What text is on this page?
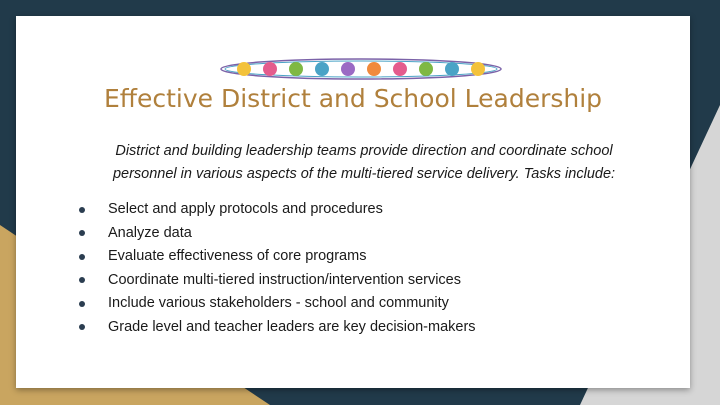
Effective District and School Leadership
District and building leadership teams provide direction and coordinate school
personnel in various aspects of the multi-tiered service delivery. Tasks include:
Select and apply protocols and procedures
Analyze data
Evaluate effectiveness of core programs
Coordinate multi-tiered instruction/intervention services
Include various stakeholders - school and community
Grade level and teacher leaders are key decision-makers
